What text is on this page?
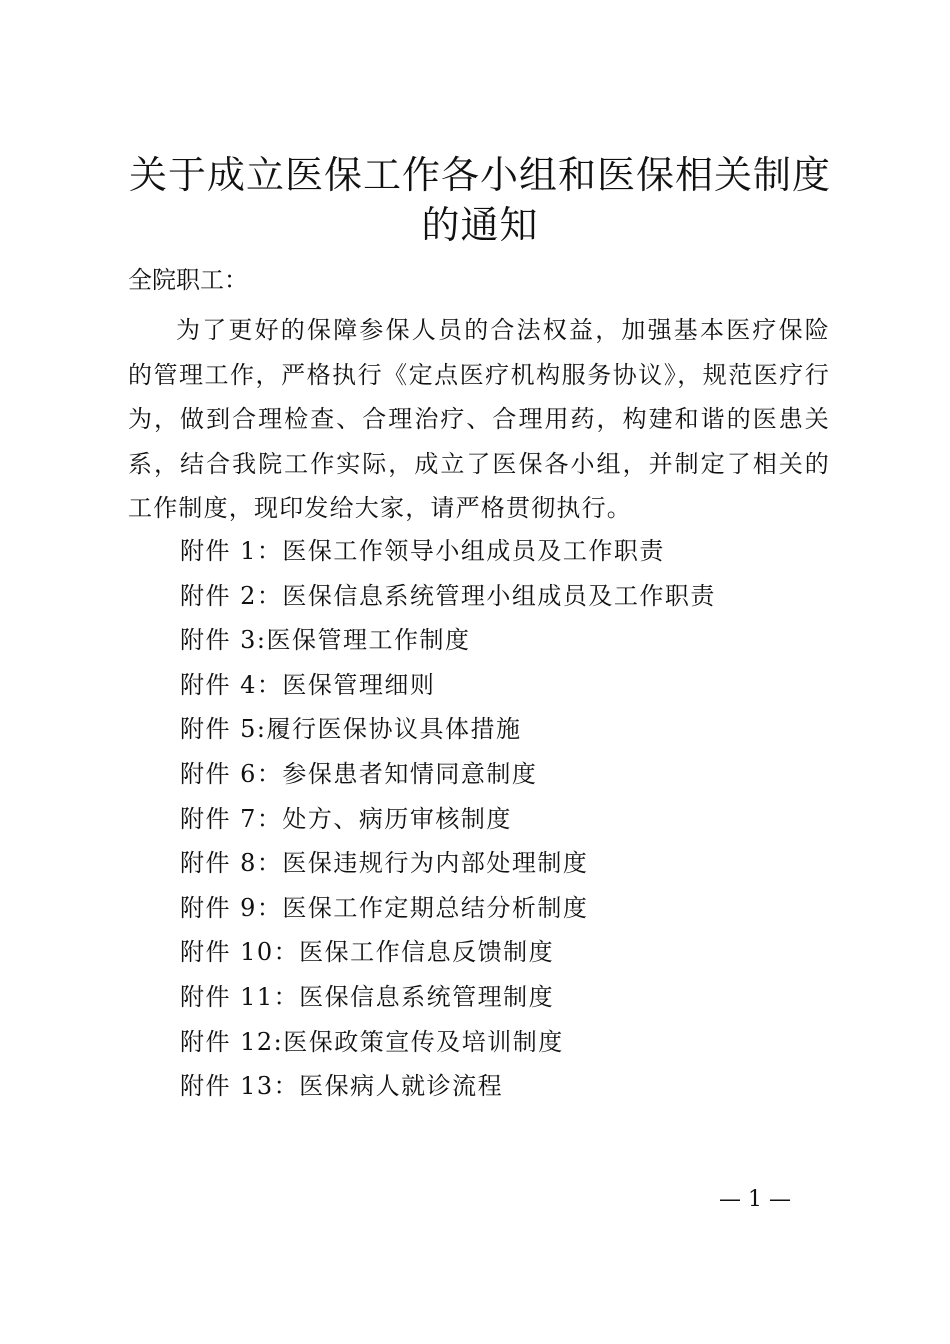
关于成立医保工作各小组和医保相关制度的通知

全院职工：

为了更好的保障参保人员的合法权益，加强基本医疗保险的管理工作，严格执行《定点医疗机构服务协议》，规范医疗行为，做到合理检查、合理治疗、合理用药，构建和谐的医患关系，结合我院工作实际，成立了医保各小组，并制定了相关的工作制度，现印发给大家，请严格贯彻执行。

附件 1：医保工作领导小组成员及工作职责
附件 2：医保信息系统管理小组成员及工作职责
附件 3:医保管理工作制度
附件 4：医保管理细则
附件 5:履行医保协议具体措施
附件 6：参保患者知情同意制度
附件 7：处方、病历审核制度
附件 8：医保违规行为内部处理制度
附件 9：医保工作定期总结分析制度
附件 10：医保工作信息反馈制度
附件 11：医保信息系统管理制度
附件 12:医保政策宣传及培训制度
附件 13：医保病人就诊流程
— 1 —
